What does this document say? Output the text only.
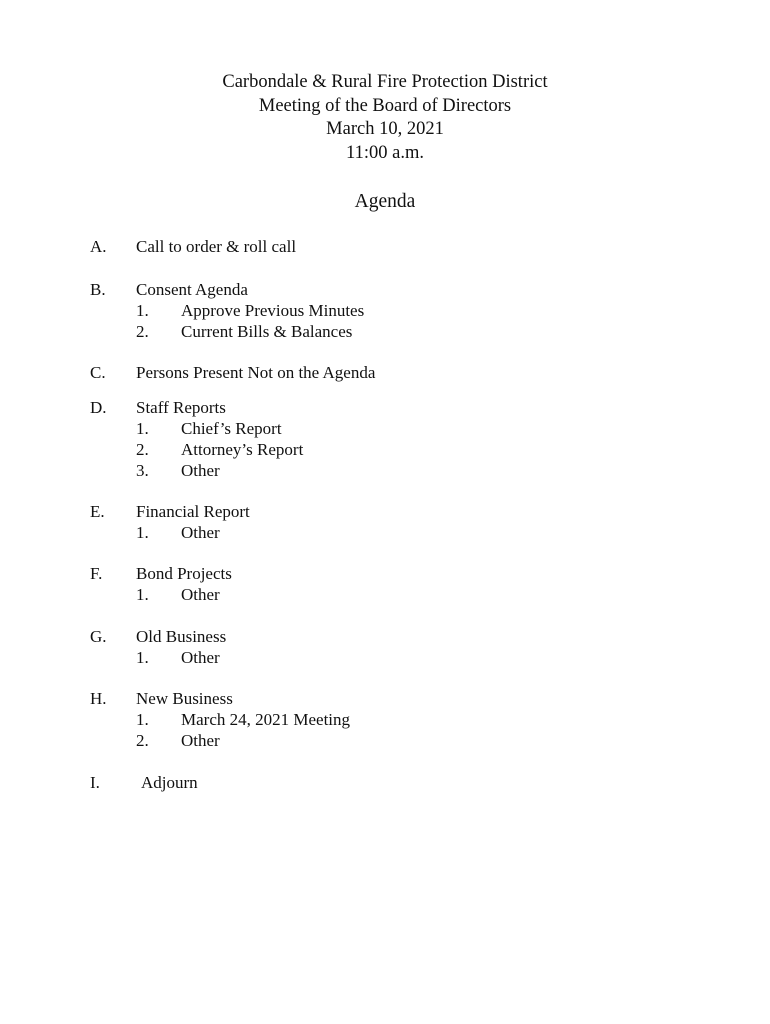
Carbondale & Rural Fire Protection District
Meeting of the Board of Directors
March 10, 2021
11:00 a.m.
Agenda
A. Call to order & roll call
B. Consent Agenda
1. Approve Previous Minutes
2. Current Bills & Balances
C. Persons Present Not on the Agenda
D. Staff Reports
1. Chief’s Report
2. Attorney’s Report
3. Other
E. Financial Report
1. Other
F. Bond Projects
1. Other
G. Old Business
1. Other
H. New Business
1. March 24, 2021 Meeting
2. Other
I. Adjourn
